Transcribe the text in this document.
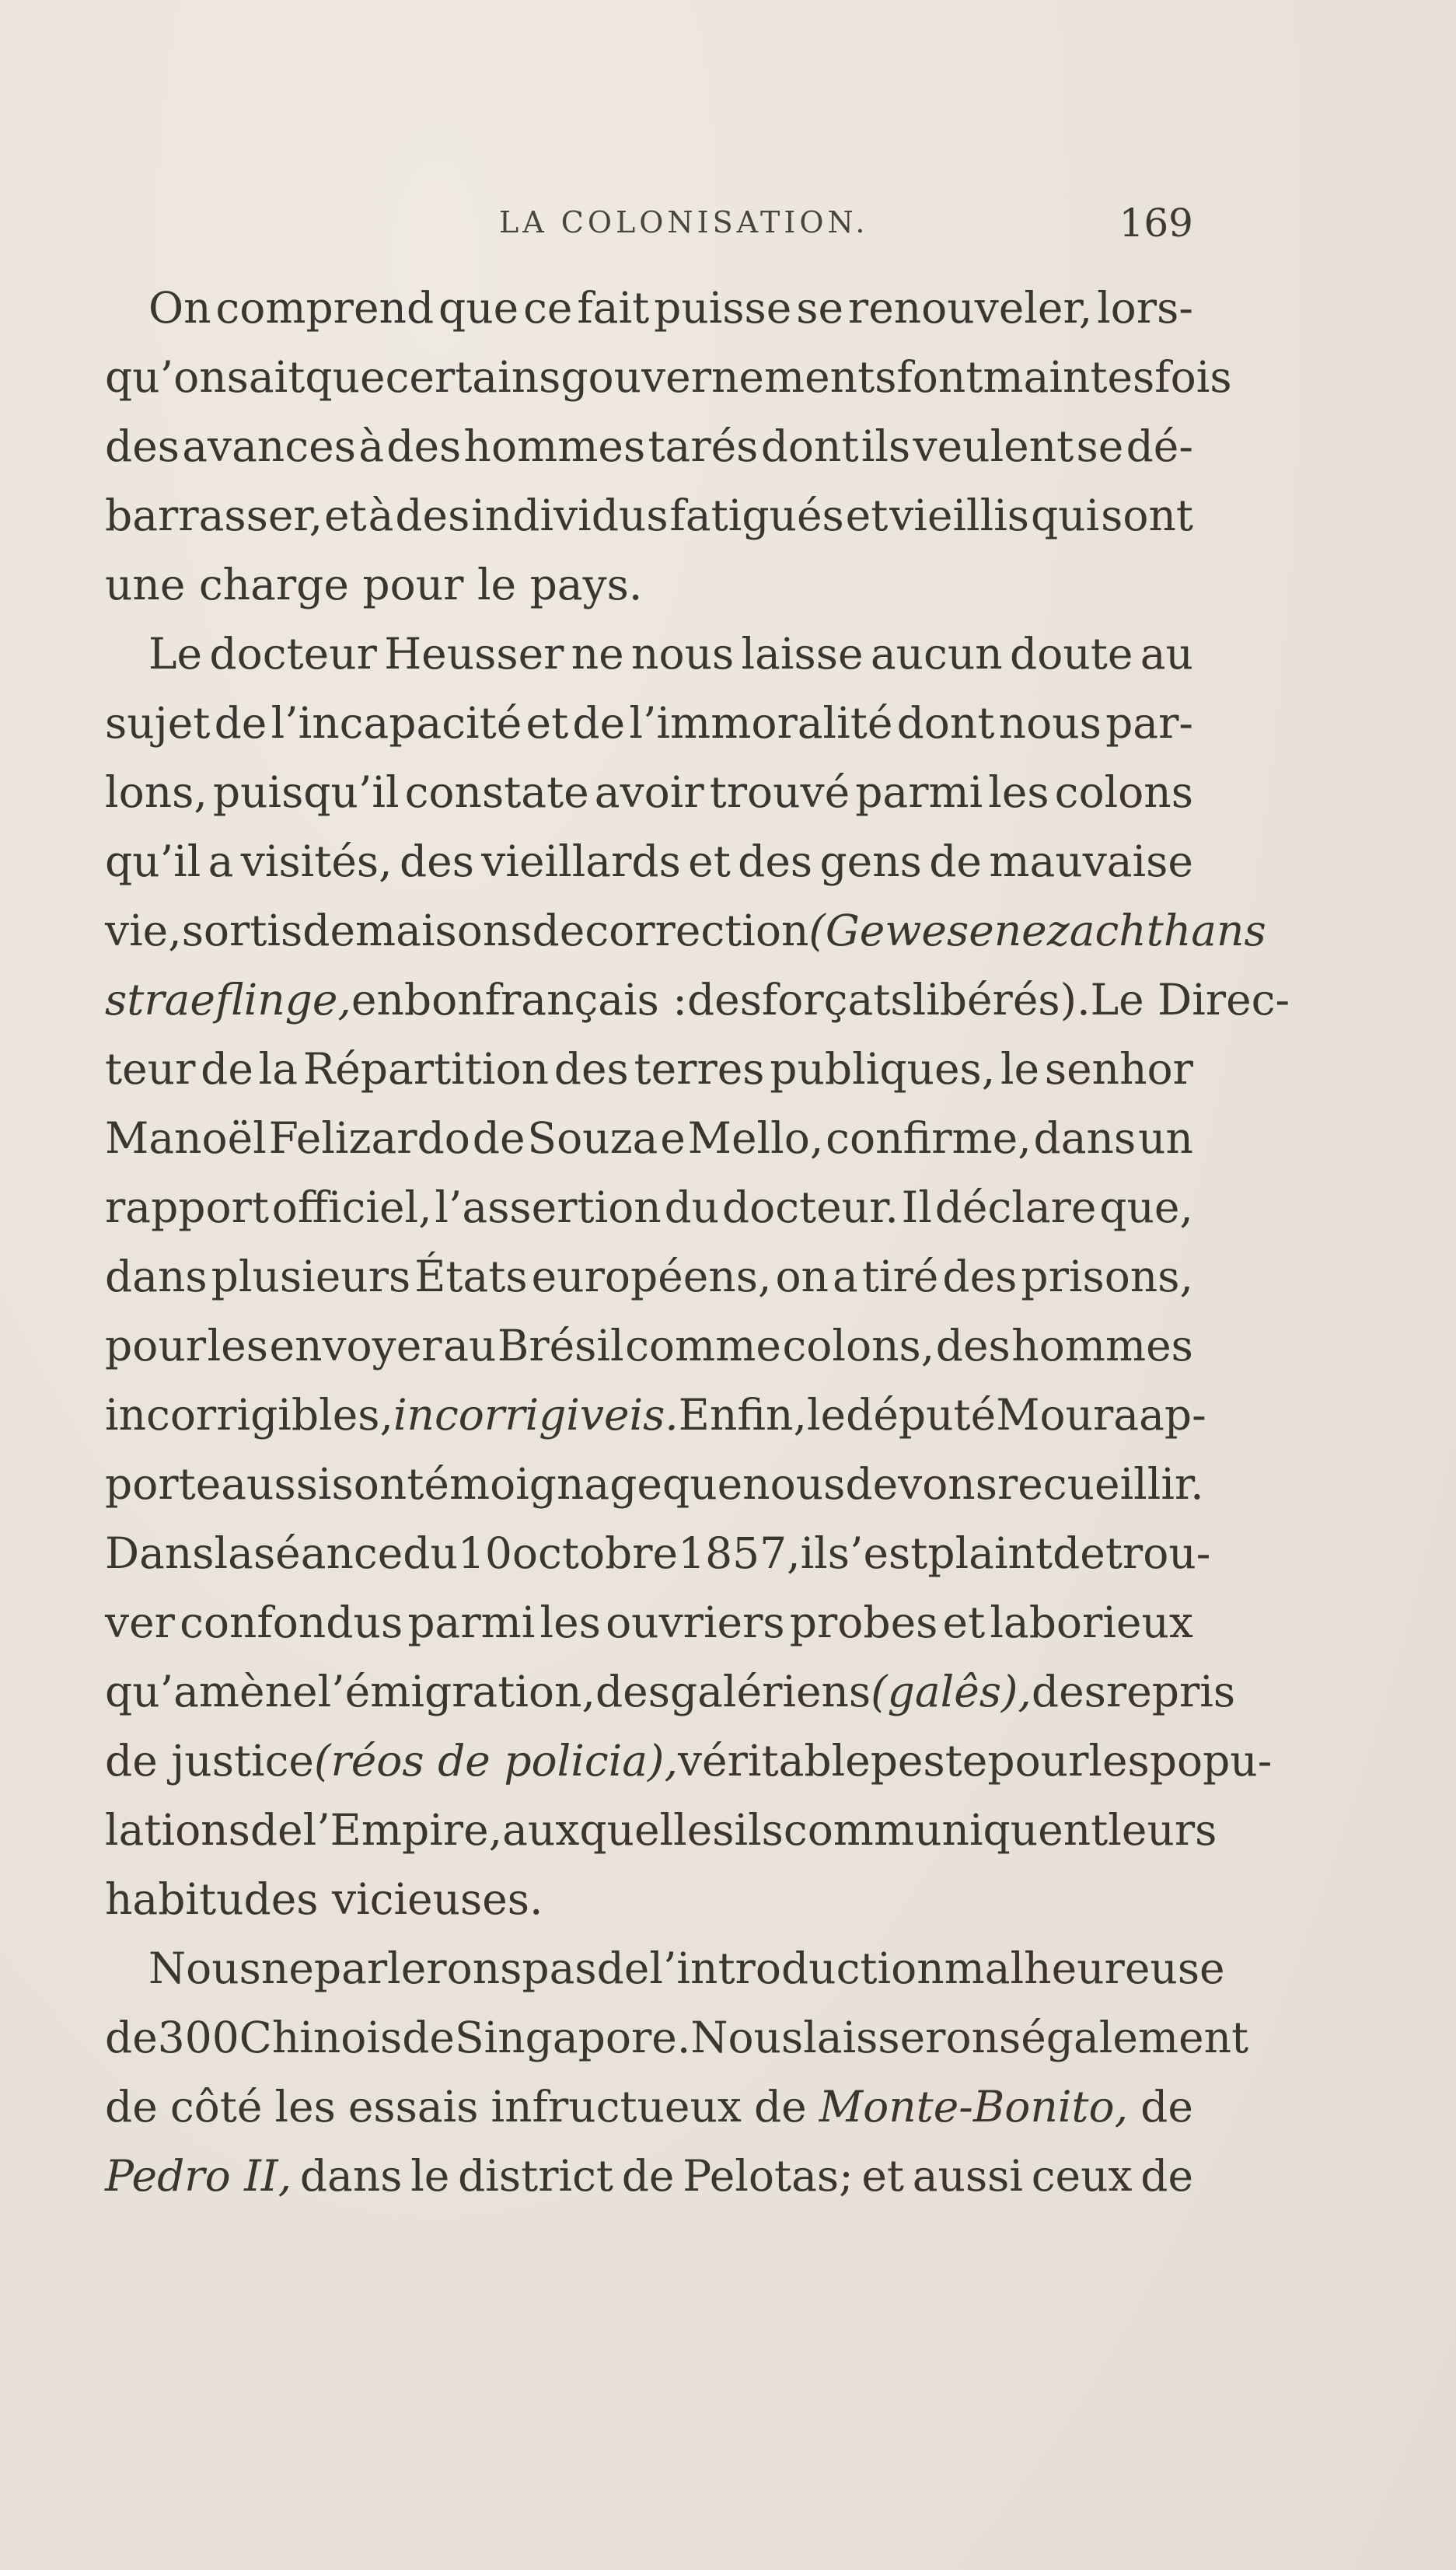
LA COLONISATION.	169
On comprend que ce fait puisse se renouveler, lors-
qu’on sait que certains gouvernements font maintes fois
des avances à des hommes tarés dont ils veulent se dé-
barrasser, et à des individus fatigués et vieillis qui sont
une charge pour le pays.
Le docteur Heusser ne nous laisse aucun doute au
sujet de l’incapacité et de l’immoralité dont nous par-
lons, puisqu’il constate avoir trouvé parmi les colons
qu’il a visités, des vieillards et des gens de mauvaise
vie, sortis de maisons de correction (Gewesene zachthans
straeflinge, en bon français : des forçats libérés). Le Direc-
teur de la Répartition des terres publiques, le senhor
Manoël Felizardo de Souza e Mello, confirme, dans un
rapport officiel, l’assertion du docteur. Il déclare que,
dans plusieurs États européens, on a tiré des prisons,
pour les envoyer au Brésil comme colons, des hommes
incorrigibles, incorrigiveis. Enfin, le député Moura ap-
porte aussi son témoignage que nous devons recueillir.
Dans la séance du 10 octobre 1857, il s’est plaint de trou-
ver confondus parmi les ouvriers probes et laborieux
qu’amène l’émigration, des galériens (galês), des repris
de justice (réos de policia), véritable peste pour les popu-
lations de l’Empire, auxquelles ils communiquent leurs
habitudes vicieuses.
Nous ne parlerons pas de l’introduction malheureuse
de 300 Chinois de Singapore. Nous laisserons également
de côté les essais infructueux de Monte-Bonito, de
Pedro II, dans le district de Pelotas; et aussi ceux de
